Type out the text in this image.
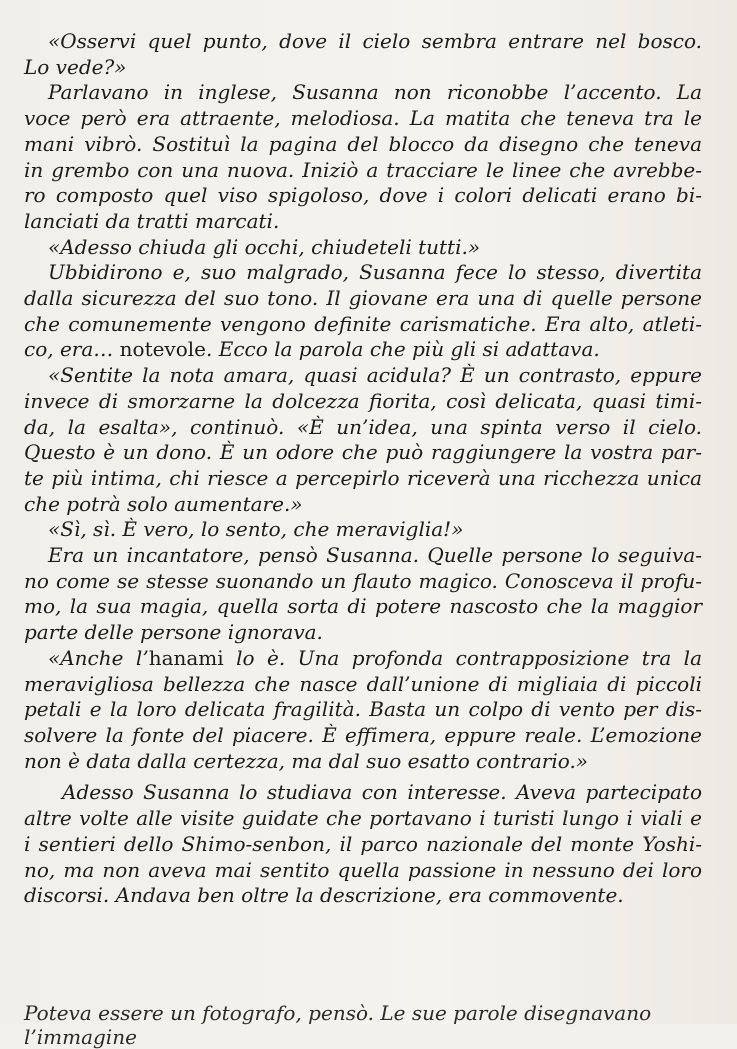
«Osservi quel punto, dove il cielo sembra entrare nel bosco.
Lo vede?»
Parlavano in inglese, Susanna non riconobbe l’accento. La
voce però era attraente, melodiosa. La matita che teneva tra le
mani vibrò. Sostituì la pagina del blocco da disegno che teneva
in grembo con una nuova. Iniziò a tracciare le linee che avrebbe-
ro composto quel viso spigoloso, dove i colori delicati erano bi-
lanciati da tratti marcati.
«Adesso chiuda gli occhi, chiudeteli tutti.»
Ubbidirono e, suo malgrado, Susanna fece lo stesso, divertita
dalla sicurezza del suo tono. Il giovane era una di quelle persone
che comunemente vengono definite carismatiche. Era alto, atleti-
co, era… notevole. Ecco la parola che più gli si adattava.
«Sentite la nota amara, quasi acidula? È un contrasto, eppure
invece di smorzarne la dolcezza fiorita, così delicata, quasi timi-
da, la esalta», continuò. «È un’idea, una spinta verso il cielo.
Questo è un dono. È un odore che può raggiungere la vostra par-
te più intima, chi riesce a percepirlo riceverà una ricchezza unica
che potrà solo aumentare.»
«Sì, sì. È vero, lo sento, che meraviglia!»
Era un incantatore, pensò Susanna. Quelle persone lo seguiva-
no come se stesse suonando un flauto magico. Conosceva il profu-
mo, la sua magia, quella sorta di potere nascosto che la maggior
parte delle persone ignorava.
«Anche l’hanami lo è. Una profonda contrapposizione tra la
meravigliosa bellezza che nasce dall’unione di migliaia di piccoli
petali e la loro delicata fragilità. Basta un colpo di vento per dis-
solvere la fonte del piacere. È effimera, eppure reale. L’emozione
non è data dalla certezza, ma dal suo esatto contrario.»
Adesso Susanna lo studiava con interesse. Aveva partecipato
altre volte alle visite guidate che portavano i turisti lungo i viali e
i sentieri dello Shimo-senbon, il parco nazionale del monte Yoshi-
no, ma non aveva mai sentito quella passione in nessuno dei loro
discorsi. Andava ben oltre la descrizione, era commovente.
Poteva essere un fotografo, pensò. Le sue parole disegnavano l’immagine
